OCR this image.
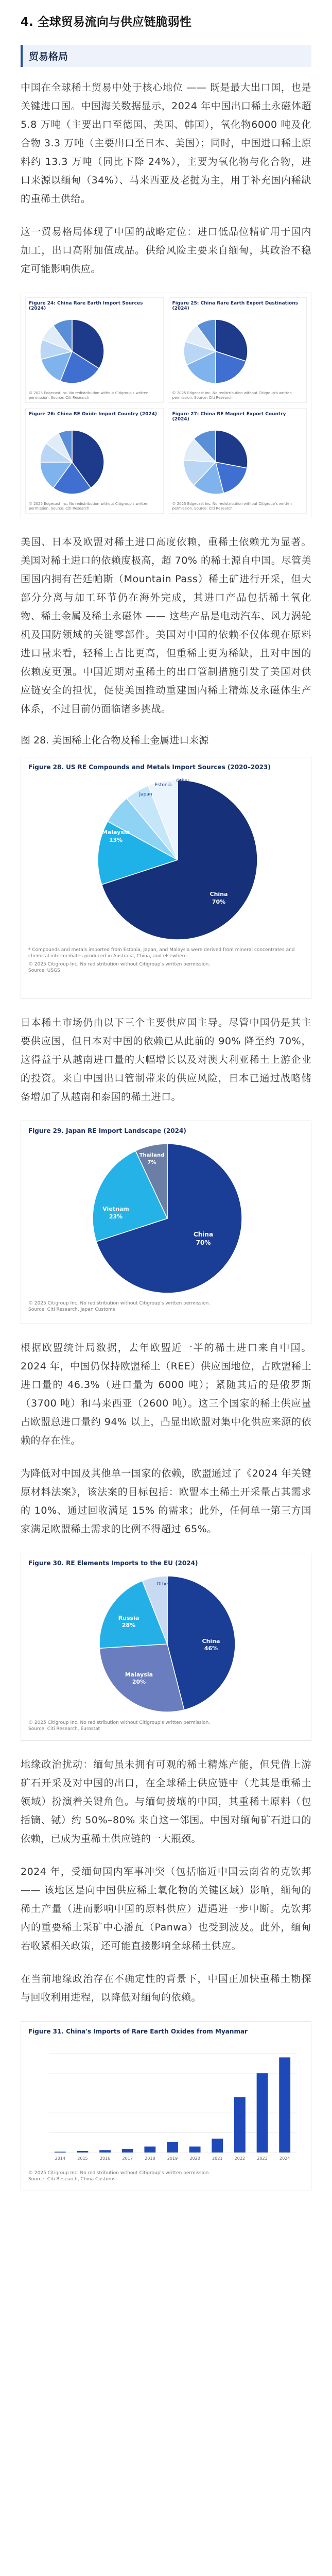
4. 全球贸易流向与供应链脆弱性
贸易格局

中国在全球稀土贸易中处于核心地位 —— 既是最大出口国，也是关键进口国。中国海关数据显示，2024 年中国出口稀土永磁体超 5.8 万吨（主要出口至德国、美国、韩国），氧化物6000 吨及化合物 3.3 万吨（主要出口至日本、美国）；同时，中国进口稀土原料约 13.3 万吨（同比下降 24%），主要为氧化物与化合物，进口来源以缅甸（34%）、马来西亚及老挝为主，用于补充国内稀缺的重稀土供给。

这一贸易格局体现了中国的战略定位：进口低品位精矿用于国内加工，出口高附加值成品。供给风险主要来自缅甸，其政治不稳定可能影响供应。

Figure 24: China Rare Earth Import Sources (2024)
© 2025 Edgecast Inc. No redistribution without Citigroup's written permission. Source: Citi Research
Figure 25: China Rare Earth Export Destinations (2024)
© 2025 Edgecast Inc. No redistribution without Citigroup's written permission. Source: Citi Research
Figure 26: China RE Oxide Import Country (2024)
© 2025 Edgecast Inc. No redistribution without Citigroup's written permission. Source: Citi Research
Figure 27: China RE Magnet Export Country (2024)
© 2025 Edgecast Inc. No redistribution without Citigroup's written permission. Source: Citi Research

美国、日本及欧盟对稀土进口高度依赖，重稀土依赖尤为显著。美国对稀土进口的依赖度极高，超 70% 的稀土源自中国。尽管美国国内拥有芒廷帕斯（Mountain Pass）稀土矿进行开采，但大部分分离与加工环节仍在海外完成，其进口产品包括稀土氧化物、稀土金属及稀土永磁体 —— 这些产品是电动汽车、风力涡轮机及国防领域的关键零部件。美国对中国的依赖不仅体现在原料进口量来看，轻稀土占比更高，但重稀土更为稀缺，且对中国的依赖度更强。中国近期对重稀土的出口管制措施引发了美国对供应链安全的担忧，促使美国推动重建国内稀土精炼及永磁体生产体系，不过目前仍面临诸多挑战。

图 28. 美国稀土化合物及稀土金属进口来源
Figure 28. US RE Compounds and Metals Import Sources (2020–2023)
China
70%
Malaysia
13%
Japan
Estonia
Other
* Compounds and metals imported from Estonia, Japan, and Malaysia were derived from mineral concentrates and chemical intermediates produced in Australia, China, and elsewhere.
© 2025 Citigroup Inc. No redistribution without Citigroup's written permission.
Source: USGS

日本稀土市场仍由以下三个主要供应国主导。尽管中国仍是其主要供应国，但日本对中国的依赖已从此前的 90% 降至约 70%，这得益于从越南进口量的大幅增长以及对澳大利亚稀土上游企业的投资。来自中国出口管制带来的供应风险，日本已通过战略储备增加了从越南和泰国的稀土进口。

Figure 29. Japan RE Import Landscape (2024)
China
70%
Vietnam
23%
Thailand
7%
© 2025 Citigroup Inc. No redistribution without Citigroup's written permission.
Source: Citi Research, Japan Customs

根据欧盟统计局数据，去年欧盟近一半的稀土进口来自中国。2024 年，中国仍保持欧盟稀土（REE）供应国地位，占欧盟稀土进口量的 46.3%（进口量为 6000 吨）；紧随其后的是俄罗斯（3700 吨）和马来西亚（2600 吨）。这三个国家的稀土供应量占欧盟总进口量约 94% 以上，凸显出欧盟对集中化供应来源的依赖的存在性。

为降低对中国及其他单一国家的依赖，欧盟通过了《2024 年关键原材料法案》，该法案的目标包括：欧盟本土稀土开采量占其需求的 10%、通过回收满足 15% 的需求；此外，任何单一第三方国家满足欧盟稀土需求的比例不得超过 65%。

Figure 30. RE Elements Imports to the EU (2024)
China
46%
Russia
28%
Malaysia
20%
Other
© 2025 Citigroup Inc. No redistribution without Citigroup's written permission.
Source: Citi Research, Eurostat

地缘政治扰动：缅甸虽未拥有可观的稀土精炼产能，但凭借上游矿石开采及对中国的出口，在全球稀土供应链中（尤其是重稀土领域）扮演着关键角色。与缅甸接壤的中国，其重稀土原料（包括镝、铽）约 50%–80% 来自这一邻国。中国对缅甸矿石进口的依赖，已成为重稀土供应链的一大瓶颈。

2024 年，受缅甸国内军事冲突（包括临近中国云南省的克钦邦 —— 该地区是向中国供应稀土氧化物的关键区域）影响，缅甸的稀土产量（进而影响中国的原料供应）遭遇进一步中断。克钦邦内的重要稀土采矿中心潘瓦（Panwa）也受到波及。此外，缅甸若收紧相关政策，还可能直接影响全球稀土供应。

在当前地缘政治存在不确定性的背景下，中国正加快重稀土勘探与回收利用进程，以降低对缅甸的依赖。

Figure 31. China's Imports of Rare Earth Oxides from Myanmar
2014	2015	2016	2017	2018	2019	2020	2021	2022	2023	2024
© 2025 Citigroup Inc. No redistribution without Citigroup's written permission.
Source: Citi Research, China Customs
